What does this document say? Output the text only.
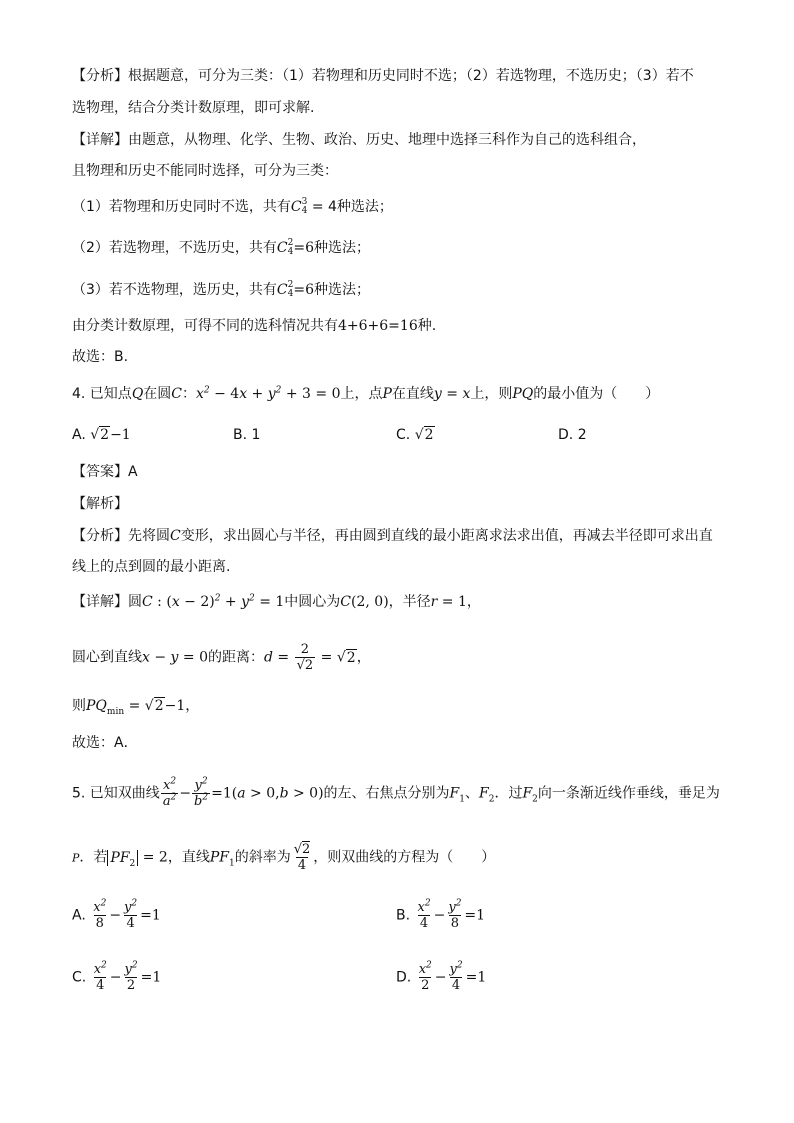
【分析】根据题意，可分为三类：（1）若物理和历史同时不选；（2）若选物理，不选历史；（3）若不
选物理，结合分类计数原理，即可求解.
【详解】由题意，从物理、化学、生物、政治、历史、地理中选择三科作为自己的选科组合，
且物理和历史不能同时选择，可分为三类：
（1）若物理和历史同时不选，共有C 3
4 = 4种选法；
（2）若选物理，不选历史，共有C 2
4 =6种选法；
（3）若不选物理，选历史，共有C 2
4 =6种选法；
由分类计数原理，可得不同的选科情况共有4+6+6=16种.
故选：B.
4. 已知点Q在圆C：$x^2 - 4x + y^2 + 3 = 0$上，点P在直线y = x上，则PQ的最小值为（　　）
A. √2−1	B. 1	C. √2	D. 2
【答案】A
【解析】
【分析】先将圆C变形，求出圆心与半径，再由圆到直线的最小距离求法求出值，再减去半径即可求出直
线上的点到圆的最小距离.
【详解】圆C : $(x - 2)^2 + y^2 = 1$中圆心为C(2, 0)，半径r = 1，
圆心到直线x − y = 0的距离：$d = \frac{2}{√2} = √2$，
则$PQ_{min} = √2-1$，
故选：A．
5. 已知双曲线 $\frac{x^2}{a^2} - \frac{y^2}{b^2} =1(a > 0,b > 0)$的左、右焦点分别为$F_1$、$F_2$．过$F_2$向一条渐近线作垂线，垂足为
P．若 $PF_2 = 2$，直线$PF_1$的斜率为 $\frac{√2}{4}$ ，则双曲线的方程为（　　）
A. $\frac{x^2}{8} - \frac{y^2}{4} =1$	B. $\frac{x^2}{4} - \frac{y^2}{8} =1$
C. $\frac{x^2}{4} - \frac{y^2}{2} =1$	D. $\frac{x^2}{2} - \frac{y^2}{4} =1$
